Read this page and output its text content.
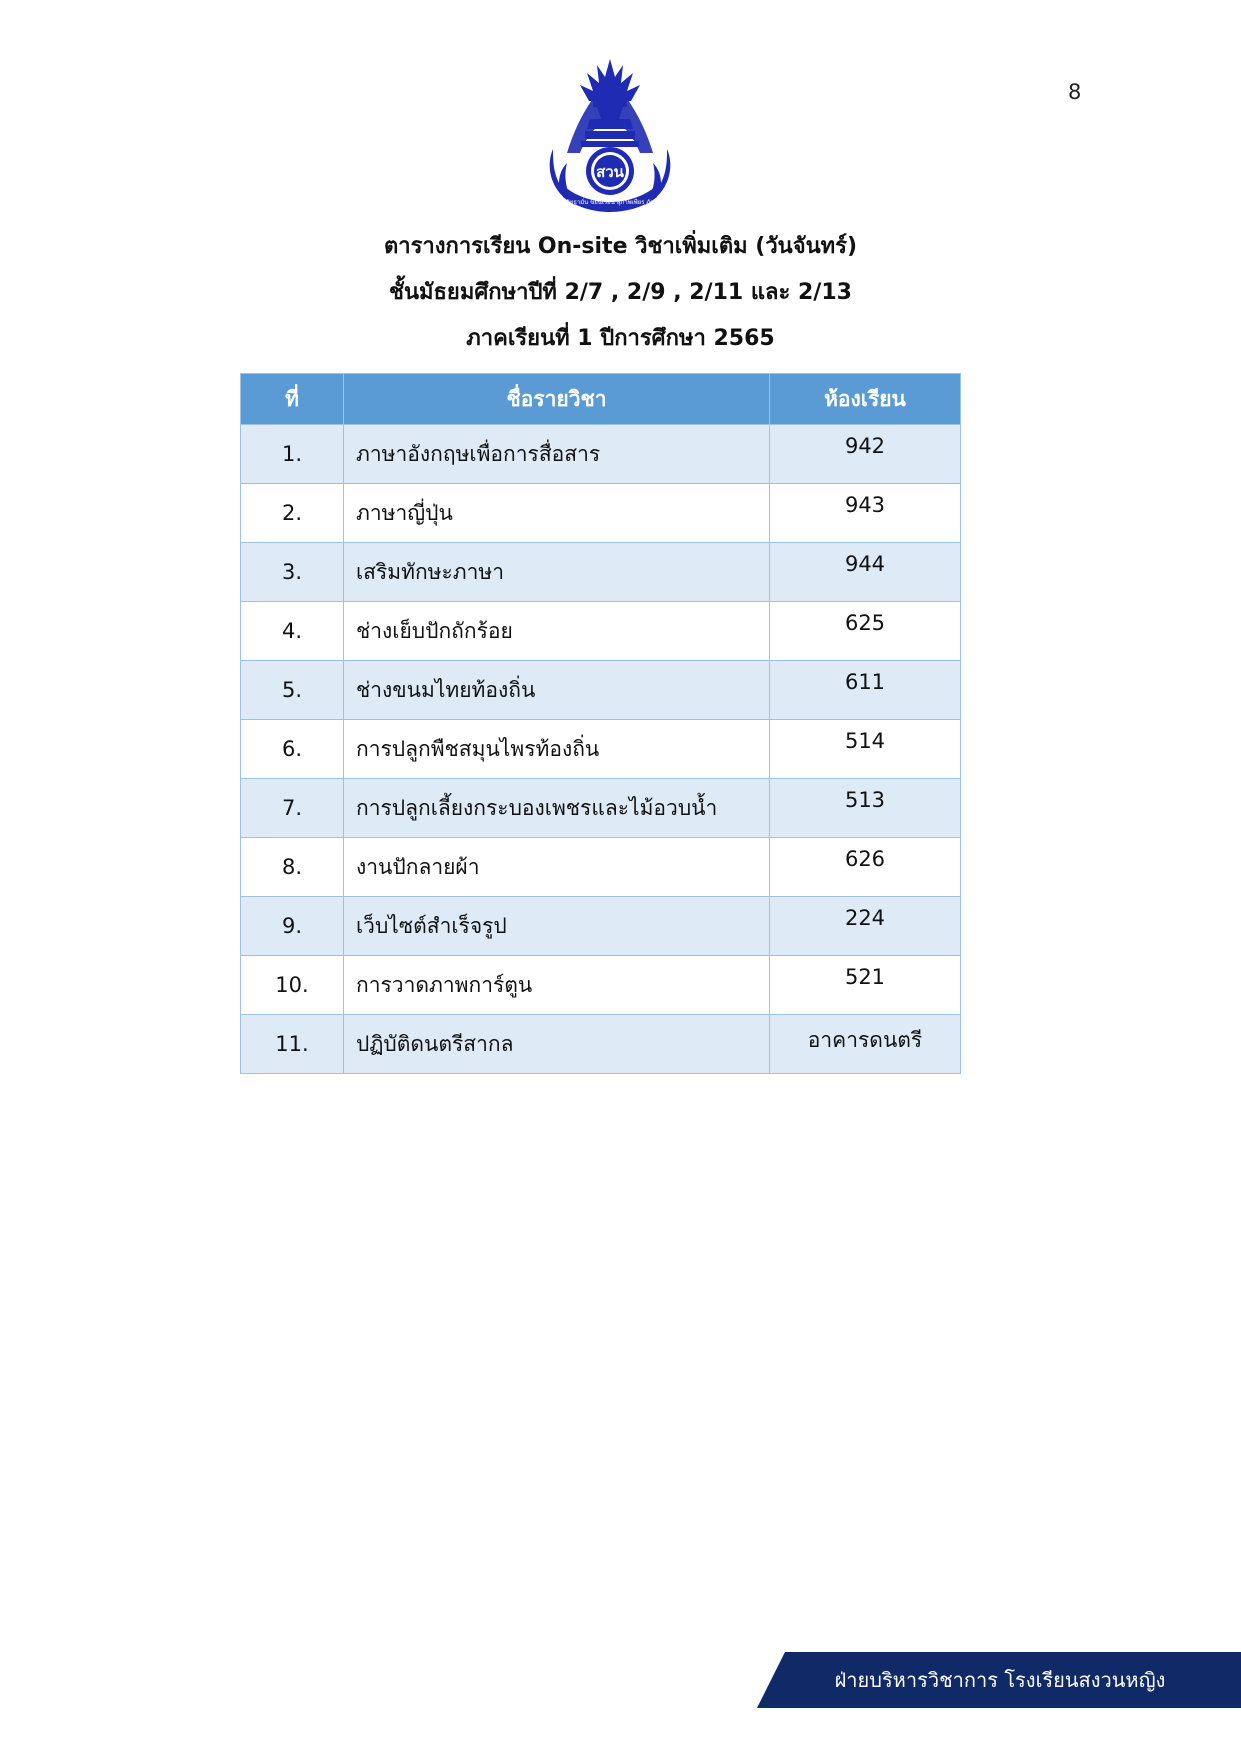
8
สวน
ศรัทธามั่น ขยันเรียน สุภาพเพียร ภักดี
ตารางการเรียน On-site วิชาเพิ่มเติม (วันจันทร์)
ชั้นมัธยมศึกษาปีที่ 2/7 , 2/9 , 2/11 และ 2/13
ภาคเรียนที่ 1 ปีการศึกษา 2565
ที่	ชื่อรายวิชา	ห้องเรียน
1.	ภาษาอังกฤษเพื่อการสื่อสาร	942
2.	ภาษาญี่ปุ่น	943
3.	เสริมทักษะภาษา	944
4.	ช่างเย็บปักถักร้อย	625
5.	ช่างขนมไทยท้องถิ่น	611
6.	การปลูกพืชสมุนไพรท้องถิ่น	514
7.	การปลูกเลี้ยงกระบองเพชรและไม้อวบน้ำ	513
8.	งานปักลายผ้า	626
9.	เว็บไซต์สำเร็จรูป	224
10.	การวาดภาพการ์ตูน	521
11.	ปฏิบัติดนตรีสากล	อาคารดนตรี
ฝ่ายบริหารวิชาการ โรงเรียนสงวนหญิง
